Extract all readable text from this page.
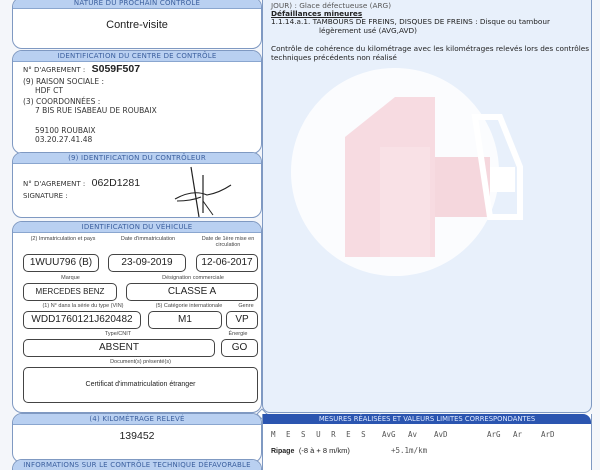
NATURE DU PROCHAIN CONTRÔLE
Contre-visite
IDENTIFICATION DU CENTRE DE CONTRÔLE
N° D'AGREMENT : S059F507
(9) RAISON SOCIALE :
HDF CT
(3) COORDONNÉES :
7 BIS RUE ISABEAU DE ROUBAIX
59100 ROUBAIX
03.20.27.41.48
(9) IDENTIFICATION DU CONTRÔLEUR
N° D'AGREMENT : 062D1281
SIGNATURE :
IDENTIFICATION DU VÉHICULE
(2) Immatriculation et pays	Date d'immatriculation	Date de 1ère mise en
circulation
1WUU796 (B)	23-09-2019	12-06-2017
Marque	Désignation commerciale
MERCEDES BENZ	CLASSE A
(1) N° dans la série du type (VIN)	(5) Catégorie internationale	Genre
WDD1760121J620482	M1	VP
Type/CNIT	Énergie
ABSENT	GO
Document(s) présenté(s)
Certificat d'immatriculation étranger
(4) KILOMÉTRAGE RELEVÉ
139452
INFORMATIONS SUR LE CONTRÔLE TECHNIQUE DÉFAVORABLE
JOUR) : Glace défectueuse (ARG)
Défaillances mineures
1.1.14.a.1. TAMBOURS DE FREINS, DISQUES DE FREINS : Disque ou tambour
légèrement usé (AVG,AVD)
Contrôle de cohérence du kilométrage avec les kilométrages relevés lors des contrôles
techniques précédents non réalisé
MESURES RÉALISÉES ET VALEURS LIMITES CORRESPONDANTES
M E S U R E S AvG Av AvD	ArG Ar	ArD
Ripage (-8 à + 8 m/km)	+5.1m/km
